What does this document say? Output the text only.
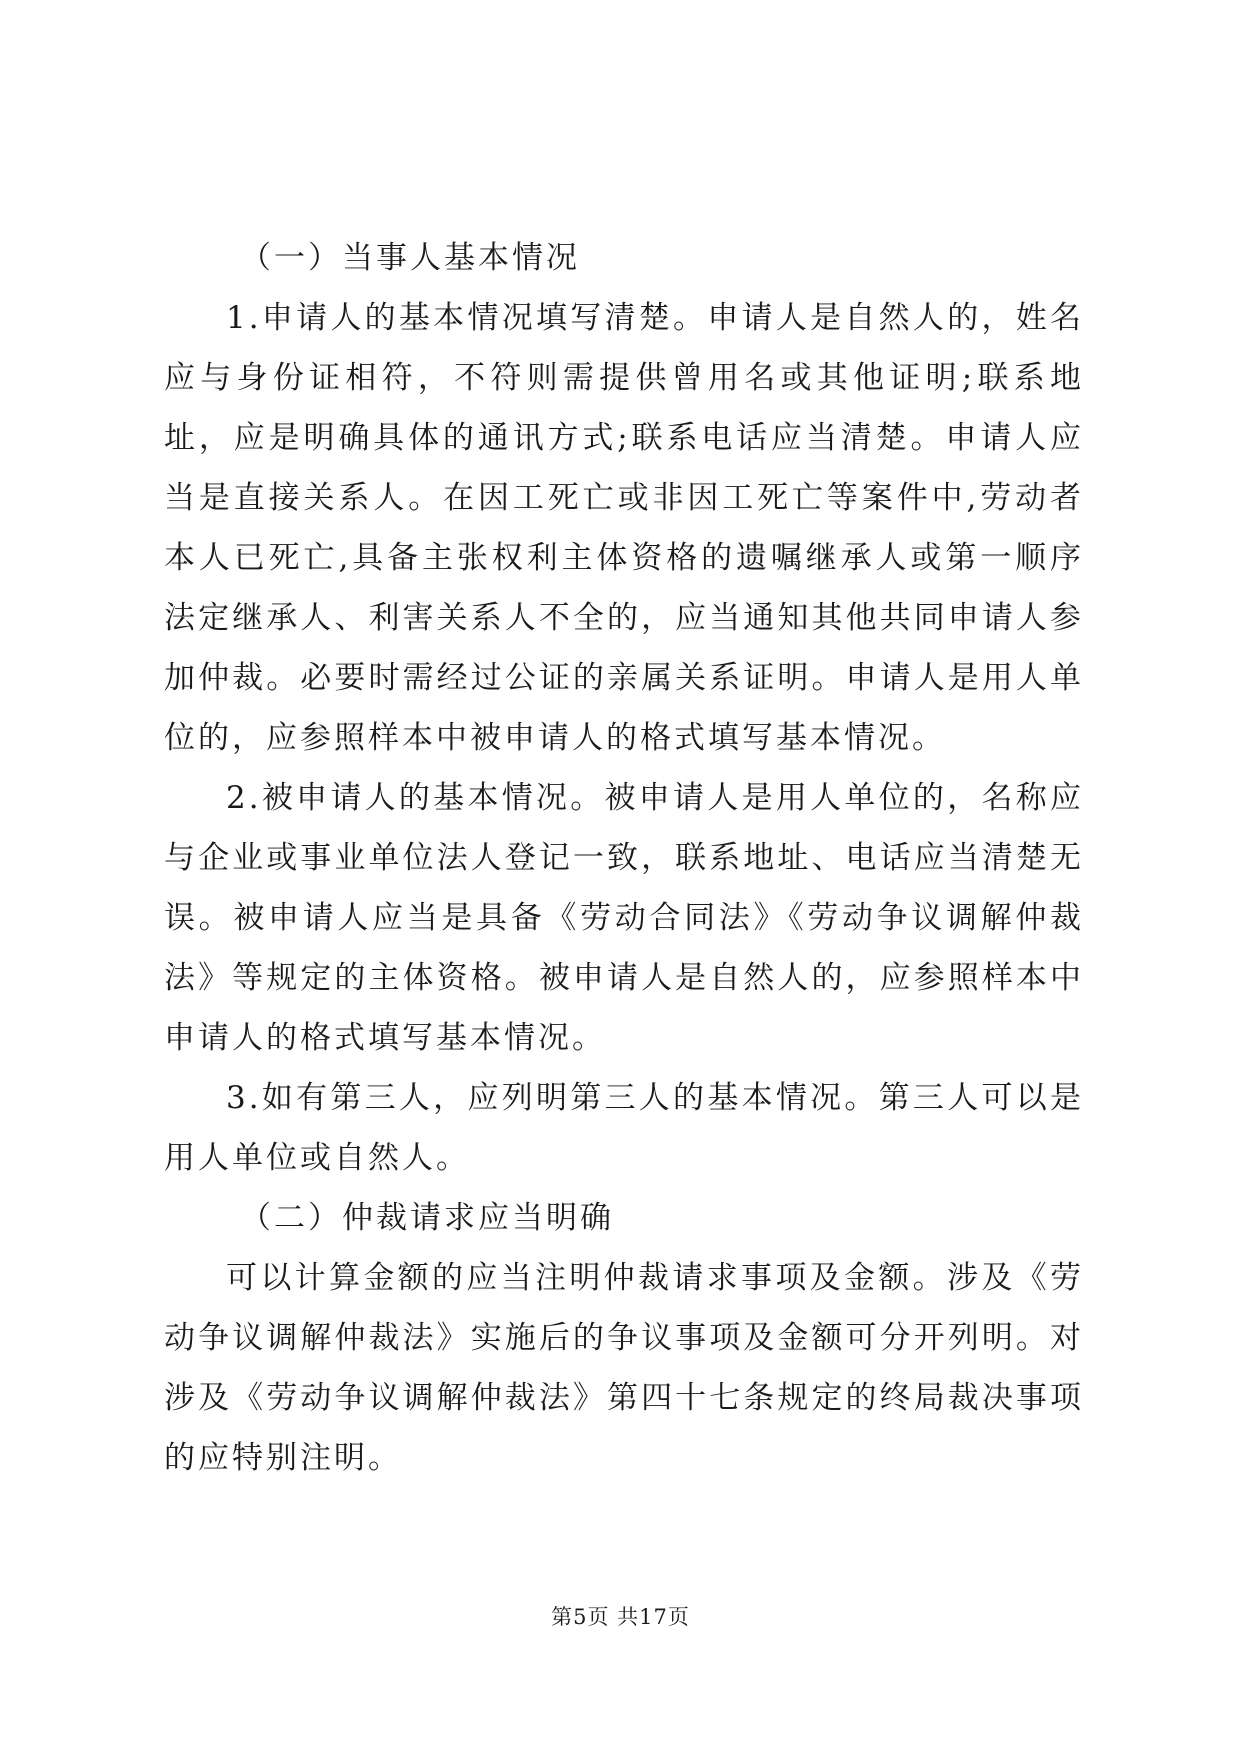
（一）当事人基本情况

1.申请人的基本情况填写清楚。申请人是自然人的，姓名应与身份证相符，不符则需提供曾用名或其他证明;联系地址，应是明确具体的通讯方式;联系电话应当清楚。申请人应当是直接关系人。在因工死亡或非因工死亡等案件中,劳动者本人已死亡,具备主张权利主体资格的遗嘱继承人或第一顺序法定继承人、利害关系人不全的，应当通知其他共同申请人参加仲裁。必要时需经过公证的亲属关系证明。申请人是用人单位的，应参照样本中被申请人的格式填写基本情况。

2.被申请人的基本情况。被申请人是用人单位的，名称应与企业或事业单位法人登记一致，联系地址、电话应当清楚无误。被申请人应当是具备《劳动合同法》《劳动争议调解仲裁法》等规定的主体资格。被申请人是自然人的，应参照样本中申请人的格式填写基本情况。

3.如有第三人，应列明第三人的基本情况。第三人可以是用人单位或自然人。

（二）仲裁请求应当明确

可以计算金额的应当注明仲裁请求事项及金额。涉及《劳动争议调解仲裁法》实施后的争议事项及金额可分开列明。对涉及《劳动争议调解仲裁法》第四十七条规定的终局裁决事项的应特别注明。

第5页 共17页
